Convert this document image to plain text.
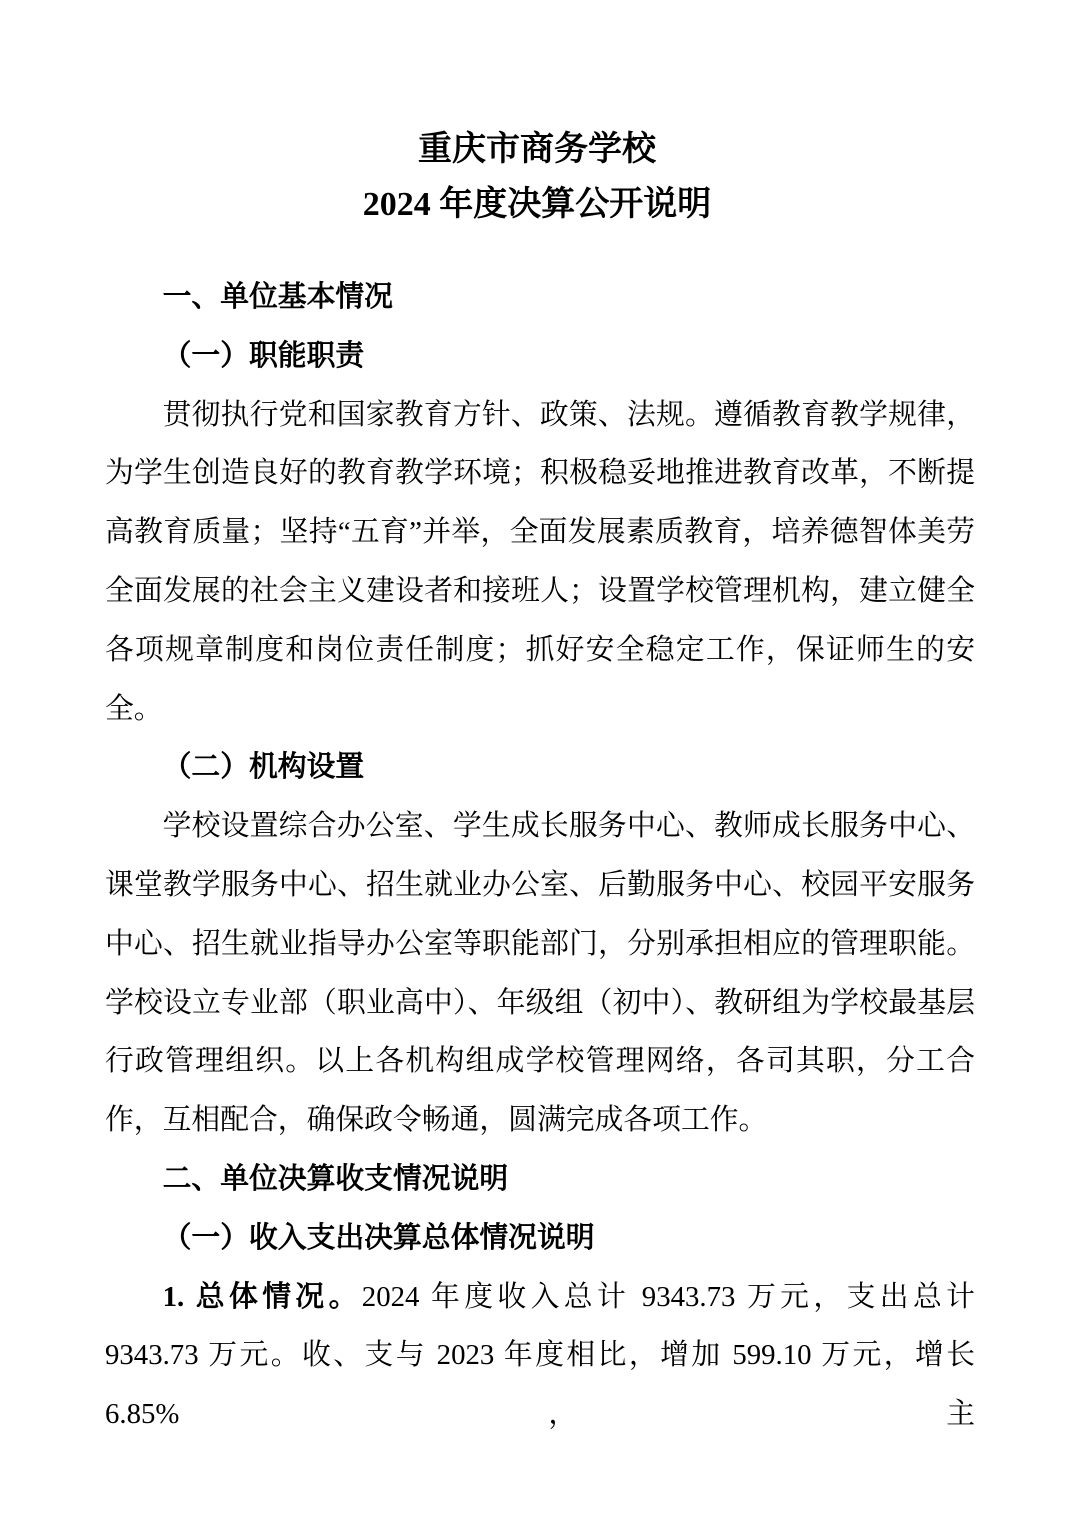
重庆市商务学校
2024 年度决算公开说明
一、单位基本情况
（一）职能职责

贯彻执行党和国家教育方针、政策、法规。遵循教育教学规律，为学生创造良好的教育教学环境；积极稳妥地推进教育改革，不断提高教育质量；坚持“五育”并举，全面发展素质教育，培养德智体美劳全面发展的社会主义建设者和接班人；设置学校管理机构，建立健全各项规章制度和岗位责任制度；抓好安全稳定工作，保证师生的安全。

（二）机构设置

学校设置综合办公室、学生成长服务中心、教师成长服务中心、课堂教学服务中心、招生就业办公室、后勤服务中心、校园平安服务中心、招生就业指导办公室等职能部门，分别承担相应的管理职能。学校设立专业部（职业高中）、年级组（初中）、教研组为学校最基层行政管理组织。以上各机构组成学校管理网络，各司其职，分工合作，互相配合，确保政令畅通，圆满完成各项工作。

二、单位决算收支情况说明
（一）收入支出决算总体情况说明

1. 总体情况。2024 年度收入总计 9343.73 万元，支出总计 9343.73 万元。收、支与 2023 年度相比，增加 599.10 万元，增长 6.85%，主
